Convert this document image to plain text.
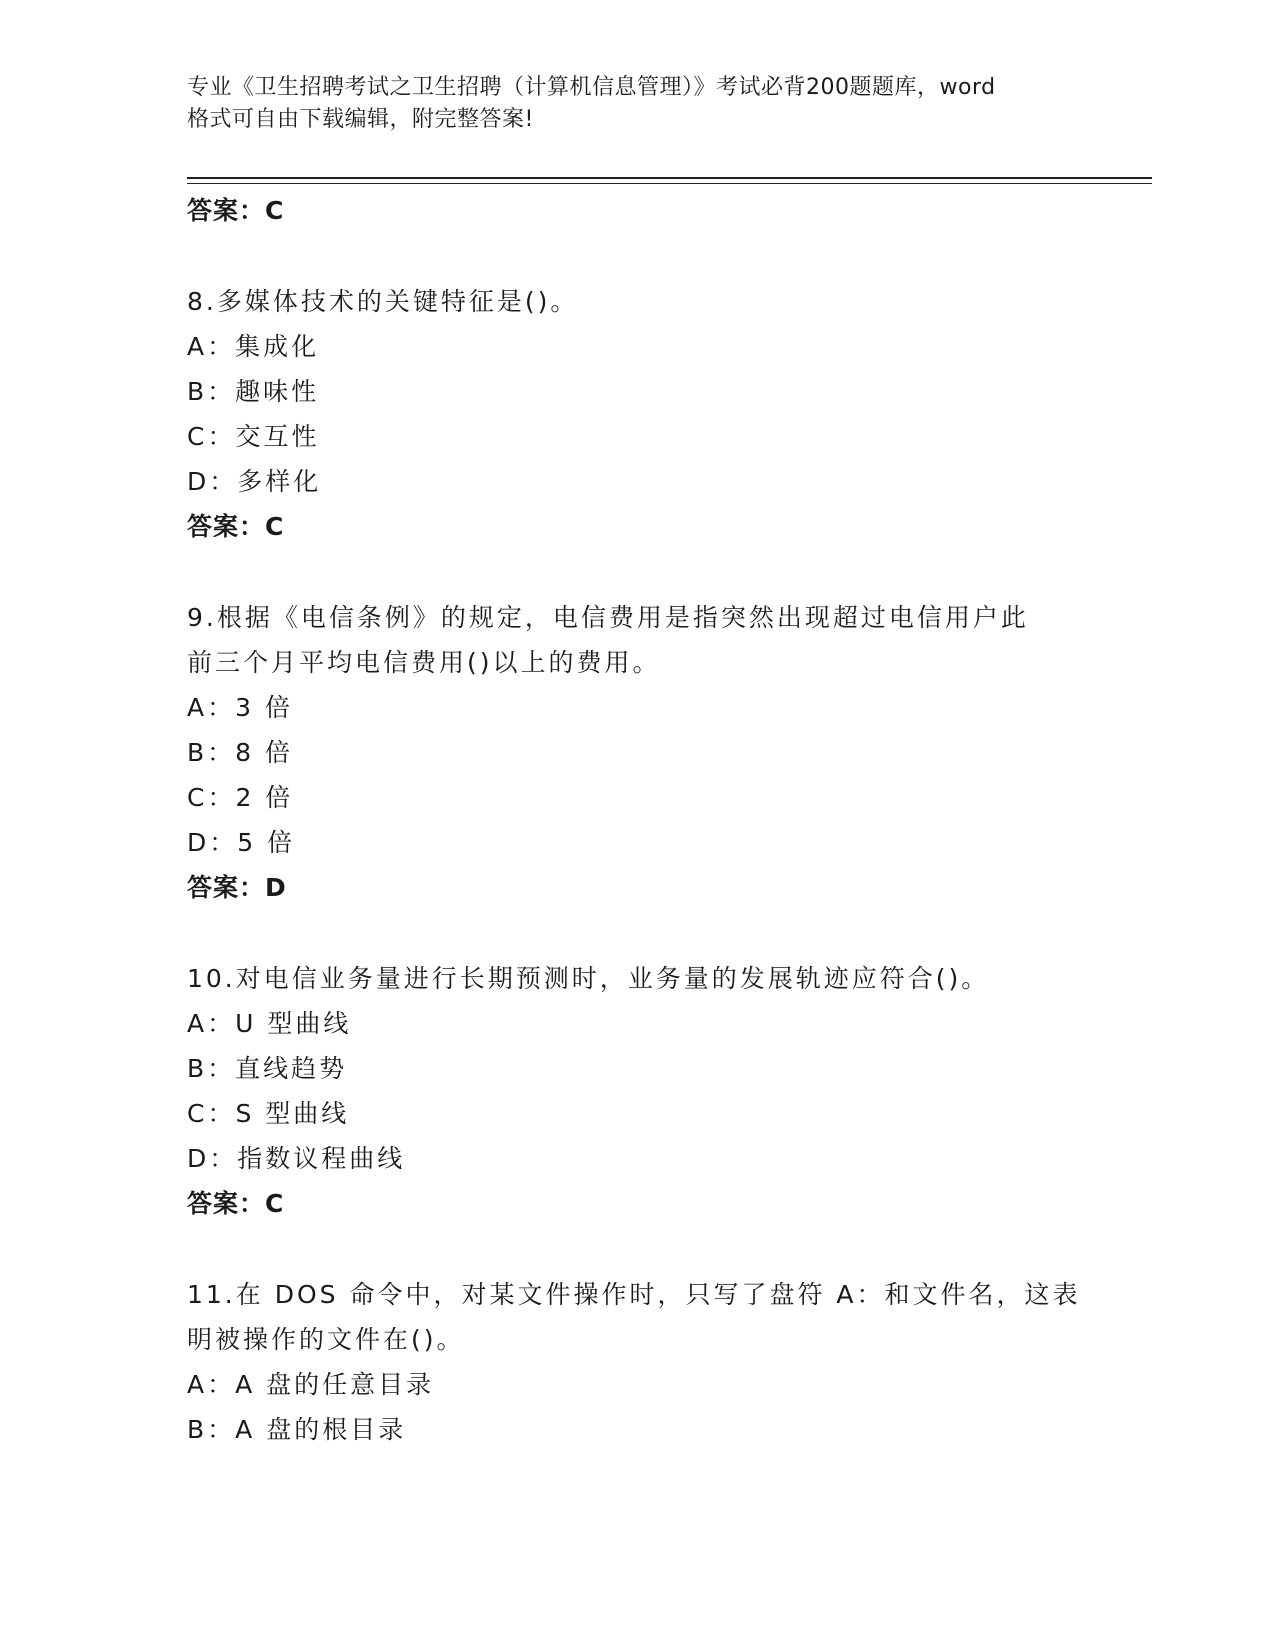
专业《卫生招聘考试之卫生招聘（计算机信息管理）》考试必背200题题库，word
格式可自由下载编辑，附完整答案!

答案：C

8.多媒体技术的关键特征是()。

A：集成化

B：趣味性

C：交互性

D：多样化

答案：C

9.根据《电信条例》的规定，电信费用是指突然出现超过电信用户此

前三个月平均电信费用()以上的费用。

A：3 倍

B：8 倍

C：2 倍

D：5 倍

答案：D

10.对电信业务量进行长期预测时，业务量的发展轨迹应符合()。

A：U 型曲线

B：直线趋势

C：S 型曲线

D：指数议程曲线

答案：C

11.在 DOS 命令中，对某文件操作时，只写了盘符 A：和文件名，这表

明被操作的文件在()。

A：A 盘的任意目录

B：A 盘的根目录
